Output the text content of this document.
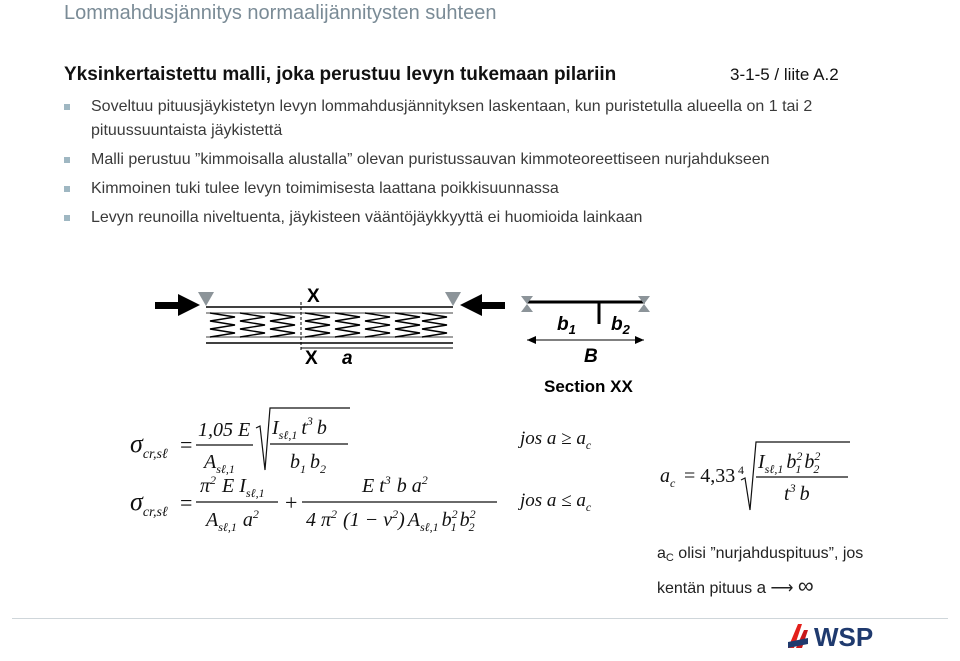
Lommahdusjännitys normaalijännitysten suhteen
Yksinkertaistettu malli, joka perustuu levyn tukemaan pilariin	3-1-5 / liite A.2
Soveltuu pituusjäykistetyn levyn lommahdusjännityksen laskentaan, kun puristetulla alueella on 1 tai 2 pituussuuntaista jäykistettä
Malli perustuu ”kimmoisalla alustalla” olevan puristussauvan kimmoteoreettiseen nurjahdukseen
Kimmoinen tuki tulee levyn toimimisesta laattana poikkisuunnassa
Levyn reunoilla niveltuenta, jäykisteen vääntöjäykkyyttä ei huomioida lainkaan
X
X a
$b_1$ $b_2$
B
Section XX
$\sigma_{cr,s\ell}$ =
1,05 E
$A_{s\ell,1}$
$I_{s\ell,1}$ $t^3$ b
$b_1$ $b_2$
jos $a \ge a_c$
$\sigma_{cr,s\ell}$ =
$\pi^2$ E $I_{s\ell,1}$
$A_{s\ell,1}$ $a^2$ +
E $t^3$ b $a^2$
4 $\pi^2$ $(1 - \nu^2)$ $A_{s\ell,1}$ $b^2$ 1 $b^2$ 2
jos $a \le a_c$
$a_c = 4,33$ 4 $I_{s\ell,1}$ $b^2$ 1 $b^2$ 2
$t^3$ b
aC olisi ”nurjahduspituus”, jos
kentän pituus a ⟶ ∞
WSP
